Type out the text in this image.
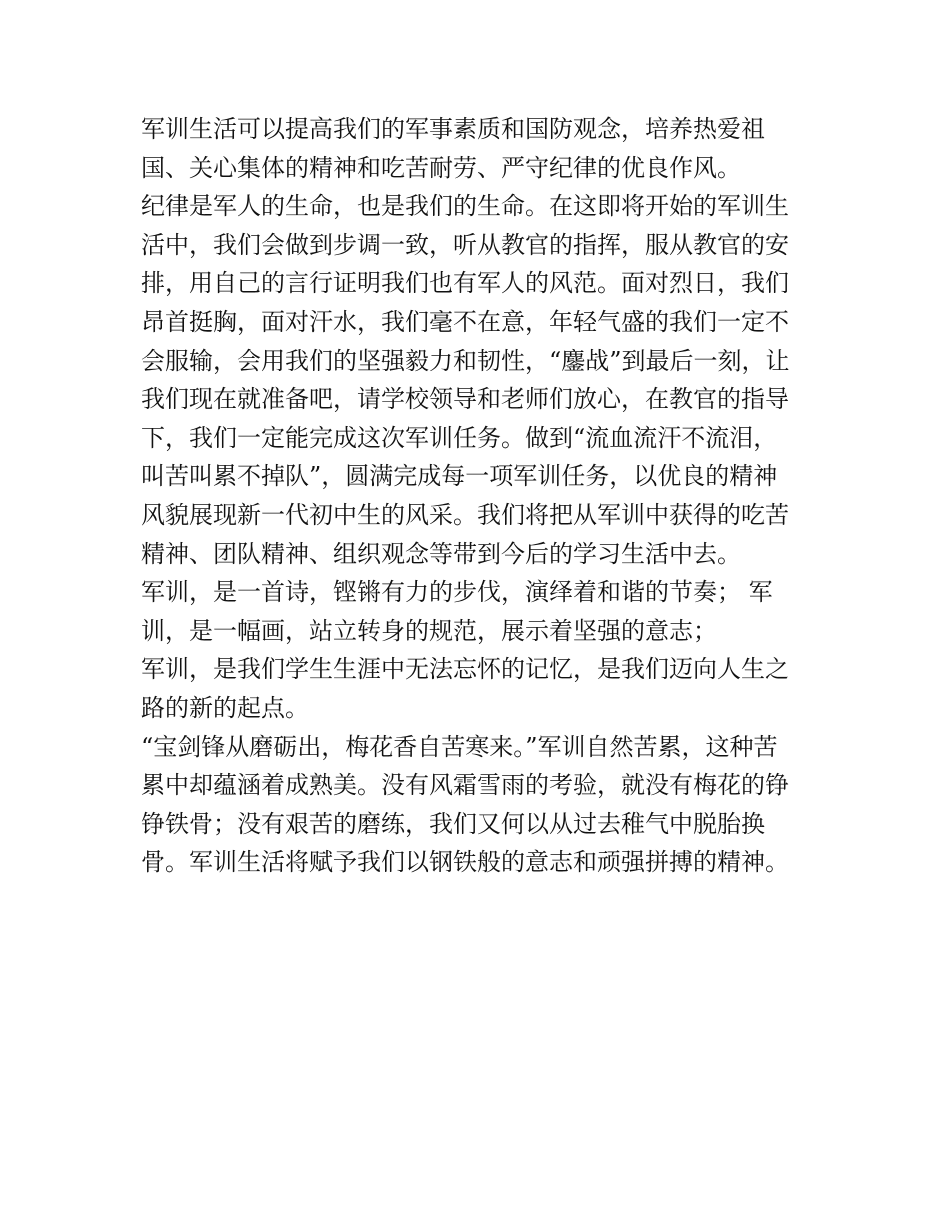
军训生活可以提高我们的军事素质和国防观念，培养热爱祖
国、关心集体的精神和吃苦耐劳、严守纪律的优良作风。
纪律是军人的生命，也是我们的生命。在这即将开始的军训生
活中，我们会做到步调一致，听从教官的指挥，服从教官的安
排，用自己的言行证明我们也有军人的风范。面对烈日，我们
昂首挺胸，面对汗水，我们毫不在意，年轻气盛的我们一定不
会服输，会用我们的坚强毅力和韧性，“鏖战”到最后一刻，让
我们现在就准备吧，请学校领导和老师们放心，在教官的指导
下，我们一定能完成这次军训任务。做到“流血流汗不流泪，
叫苦叫累不掉队”，圆满完成每一项军训任务，以优良的精神
风貌展现新一代初中生的风采。我们将把从军训中获得的吃苦
精神、团队精神、组织观念等带到今后的学习生活中去。
军训，是一首诗，铿锵有力的步伐，演绎着和谐的节奏； 军
训，是一幅画，站立转身的规范，展示着坚强的意志；
军训，是我们学生生涯中无法忘怀的记忆，是我们迈向人生之
路的新的起点。
“宝剑锋从磨砺出，梅花香自苦寒来。”军训自然苦累，这种苦
累中却蕴涵着成熟美。没有风霜雪雨的考验，就没有梅花的铮
铮铁骨；没有艰苦的磨练，我们又何以从过去稚气中脱胎换
骨。军训生活将赋予我们以钢铁般的意志和顽强拼搏的精神。
